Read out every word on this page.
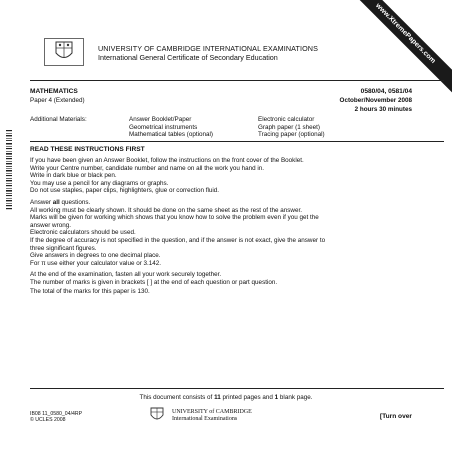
www.XtremePapers.com
UNIVERSITY OF CAMBRIDGE INTERNATIONAL EXAMINATIONS
International General Certificate of Secondary Education
MATHEMATICS
Paper 4 (Extended)
0580/04, 0581/04
October/November 2008
2 hours 30 minutes
Additional Materials:	Answer Booklet/Paper
Geometrical instruments
Mathematical tables (optional)
Electronic calculator
Graph paper (1 sheet)
Tracing paper (optional)
READ THESE INSTRUCTIONS FIRST

If you have been given an Answer Booklet, follow the instructions on the front cover of the Booklet.

Write your Centre number, candidate number and name on all the work you hand in.

Write in dark blue or black pen.

You may use a pencil for any diagrams or graphs.

Do not use staples, paper clips, highlighters, glue or correction fluid.

Answer all questions.

All working must be clearly shown. It should be done on the same sheet as the rest of the answer.

Marks will be given for working which shows that you know how to solve the problem even if you get the

answer wrong.

Electronic calculators should be used.

If the degree of accuracy is not specified in the question, and if the answer is not exact, give the answer to

three significant figures.

Give answers in degrees to one decimal place.

For π use either your calculator value or 3.142.

At the end of the examination, fasten all your work securely together.

The number of marks is given in brackets [ ] at the end of each question or part question.

The total of the marks for this paper is 130.

This document consists of 11 printed pages and 1 blank page.
IB08 11_0580_04/4RP
© UCLES 2008
UNIVERSITY of CAMBRIDGE
International Examinations	[Turn over
